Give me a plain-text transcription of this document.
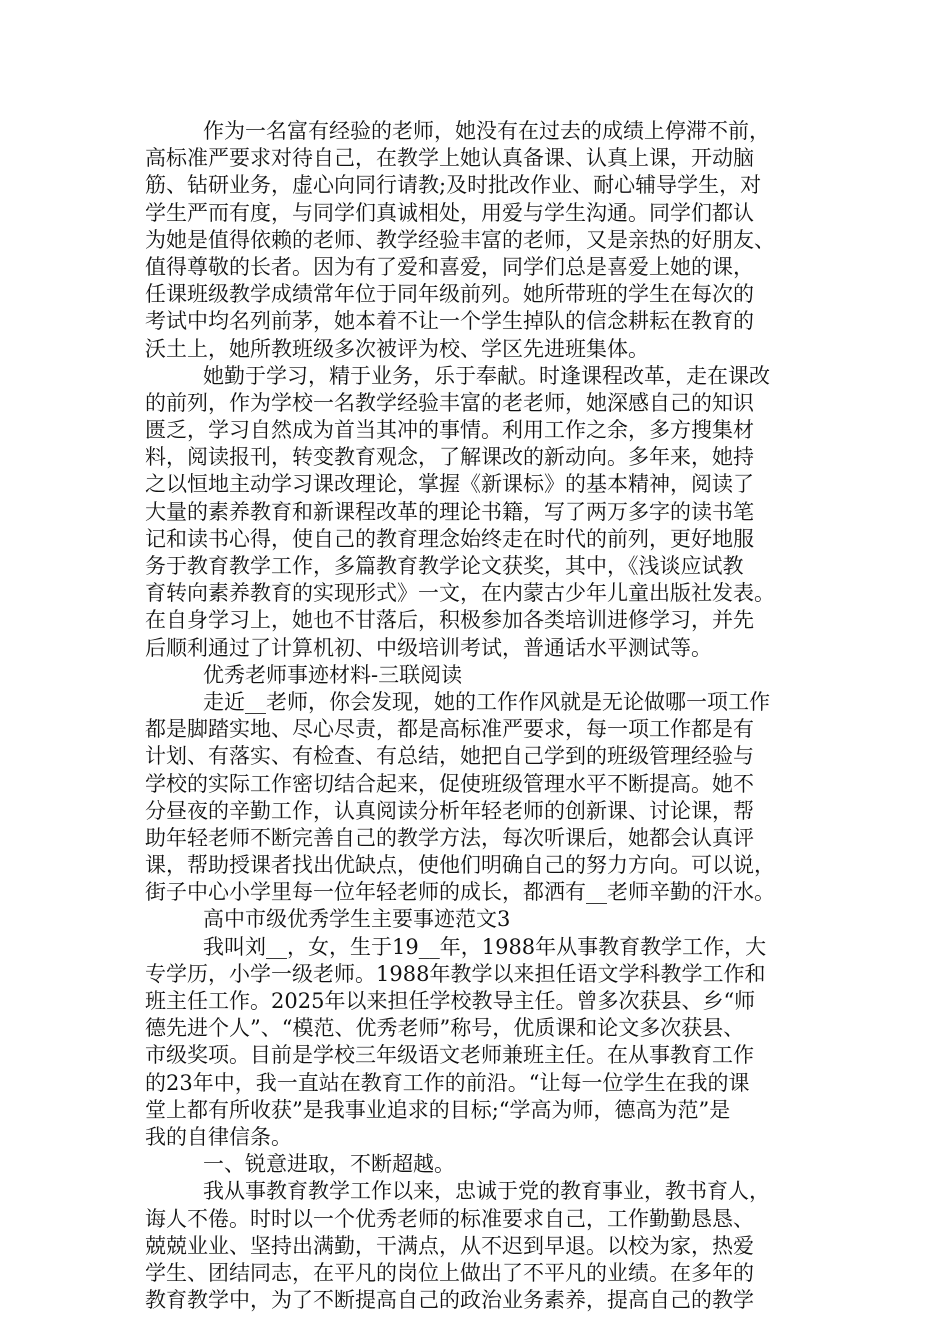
作为一名富有经验的老师，她没有在过去的成绩上停滞不前，
高标准严要求对待自己，在教学上她认真备课、认真上课，开动脑
筋、钻研业务，虚心向同行请教;及时批改作业、耐心辅导学生，对
学生严而有度，与同学们真诚相处，用爱与学生沟通。同学们都认
为她是值得依赖的老师、教学经验丰富的老师，又是亲热的好朋友、
值得尊敬的长者。因为有了爱和喜爱，同学们总是喜爱上她的课，
任课班级教学成绩常年位于同年级前列。她所带班的学生在每次的
考试中均名列前茅，她本着不让一个学生掉队的信念耕耘在教育的
沃土上，她所教班级多次被评为校、学区先进班集体。
她勤于学习，精于业务，乐于奉献。时逢课程改革，走在课改
的前列，作为学校一名教学经验丰富的老老师，她深感自己的知识
匮乏，学习自然成为首当其冲的事情。利用工作之余，多方搜集材
料，阅读报刊，转变教育观念，了解课改的新动向。多年来，她持
之以恒地主动学习课改理论，掌握《新课标》的基本精神，阅读了
大量的素养教育和新课程改革的理论书籍，写了两万多字的读书笔
记和读书心得，使自己的教育理念始终走在时代的前列，更好地服
务于教育教学工作，多篇教育教学论文获奖，其中，《浅谈应试教
育转向素养教育的实现形式》一文，在内蒙古少年儿童出版社发表。
在自身学习上，她也不甘落后，积极参加各类培训进修学习，并先
后顺利通过了计算机初、中级培训考试，普通话水平测试等。
优秀老师事迹材料-三联阅读
走近__老师，你会发现，她的工作作风就是无论做哪一项工作
都是脚踏实地、尽心尽责，都是高标准严要求，每一项工作都是有
计划、有落实、有检查、有总结，她把自己学到的班级管理经验与
学校的实际工作密切结合起来，促使班级管理水平不断提高。她不
分昼夜的辛勤工作，认真阅读分析年轻老师的创新课、讨论课，帮
助年轻老师不断完善自己的教学方法，每次听课后，她都会认真评
课，帮助授课者找出优缺点，使他们明确自己的努力方向。可以说，
街子中心小学里每一位年轻老师的成长，都洒有__老师辛勤的汗水。
高中市级优秀学生主要事迹范文3
我叫刘__，女，生于19__年，1988年从事教育教学工作，大
专学历，小学一级老师。1988年教学以来担任语文学科教学工作和
班主任工作。2025年以来担任学校教导主任。曾多次获县、乡“师
德先进个人”、“模范、优秀老师”称号，优质课和论文多次获县、
市级奖项。目前是学校三年级语文老师兼班主任。在从事教育工作
的23年中，我一直站在教育工作的前沿。“让每一位学生在我的课
堂上都有所收获”是我事业追求的目标;“学高为师，德高为范”是
我的自律信条。
一、锐意进取，不断超越。
我从事教育教学工作以来，忠诚于党的教育事业，教书育人，
诲人不倦。时时以一个优秀老师的标准要求自己，工作勤勤恳恳、
兢兢业业、坚持出满勤，干满点，从不迟到早退。以校为家，热爱
学生、团结同志，在平凡的岗位上做出了不平凡的业绩。在多年的
教育教学中，为了不断提高自己的政治业务素养，提高自己的教学
